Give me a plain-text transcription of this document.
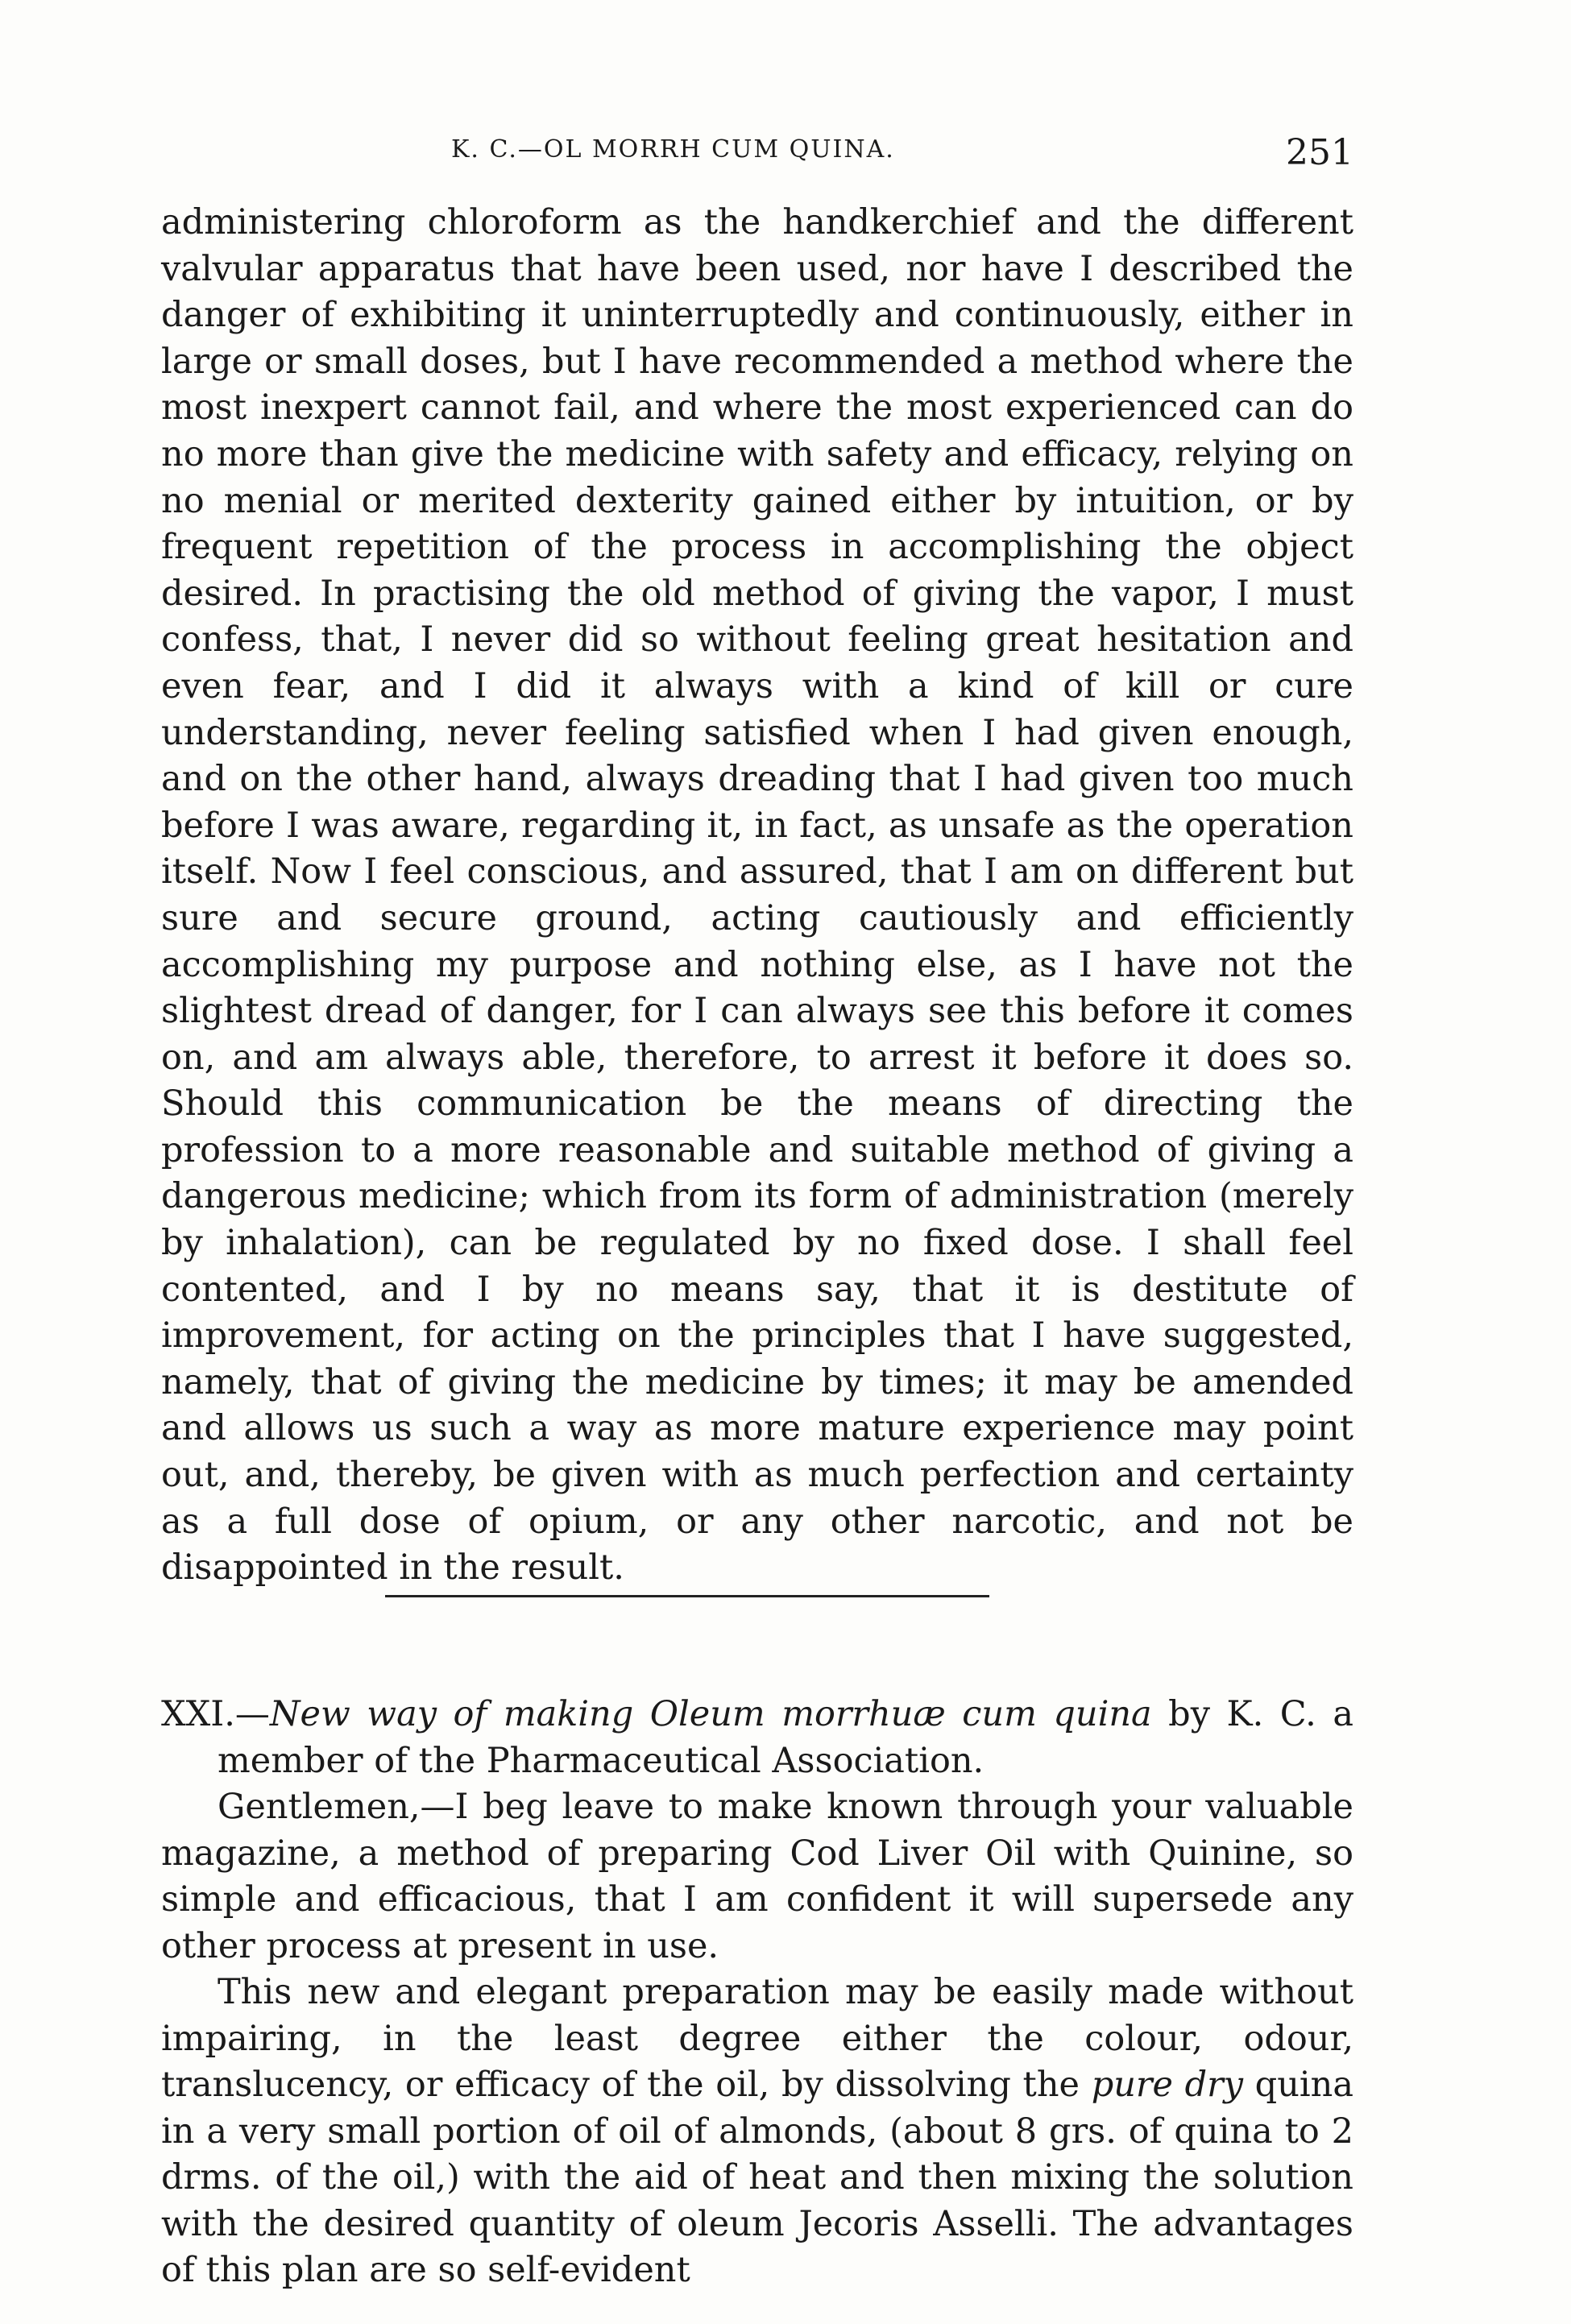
K. C.—OL MORRH CUM QUINA.	251

administering chloroform as the handkerchief and the different valvular apparatus that have been used, nor have I described the danger of exhibiting it uninterruptedly and continuously, either in large or small doses, but I have recommended a method where the most inexpert cannot fail, and where the most experienced can do no more than give the medicine with safety and efficacy, relying on no menial or merited dexterity gained either by intuition, or by frequent repetition of the process in accomplishing the object desired. In practising the old method of giving the vapor, I must confess, that, I never did so without feeling great hesitation and even fear, and I did it always with a kind of kill or cure understanding, never feeling satisfied when I had given enough, and on the other hand, always dreading that I had given too much before I was aware, regarding it, in fact, as unsafe as the operation itself. Now I feel conscious, and assured, that I am on different but sure and secure ground, acting cautiously and efficiently accomplishing my purpose and nothing else, as I have not the slightest dread of danger, for I can always see this before it comes on, and am always able, therefore, to arrest it before it does so. Should this communication be the means of directing the profession to a more reasonable and suitable method of giving a dangerous medicine; which from its form of administration (merely by inhalation), can be regulated by no fixed dose. I shall feel contented, and I by no means say, that it is destitute of improvement, for acting on the principles that I have suggested, namely, that of giving the medicine by times; it may be amended and allows us such a way as more mature experience may point out, and, thereby, be given with as much perfection and certainty as a full dose of opium, or any other narcotic, and not be disappointed in the result.

XXI.—New way of making Oleum morrhuæ cum quina by K. C. a member of the Pharmaceutical Association.

Gentlemen,—I beg leave to make known through your valuable magazine, a method of preparing Cod Liver Oil with Quinine, so simple and efficacious, that I am confident it will supersede any other process at present in use.

This new and elegant preparation may be easily made without impairing, in the least degree either the colour, odour, translucency, or efficacy of the oil, by dissolving the pure dry quina in a very small portion of oil of almonds, (about 8 grs. of quina to 2 drms. of the oil,) with the aid of heat and then mixing the solution with the desired quantity of oleum Jecoris Asselli. The advantages of this plan are so self-evident
